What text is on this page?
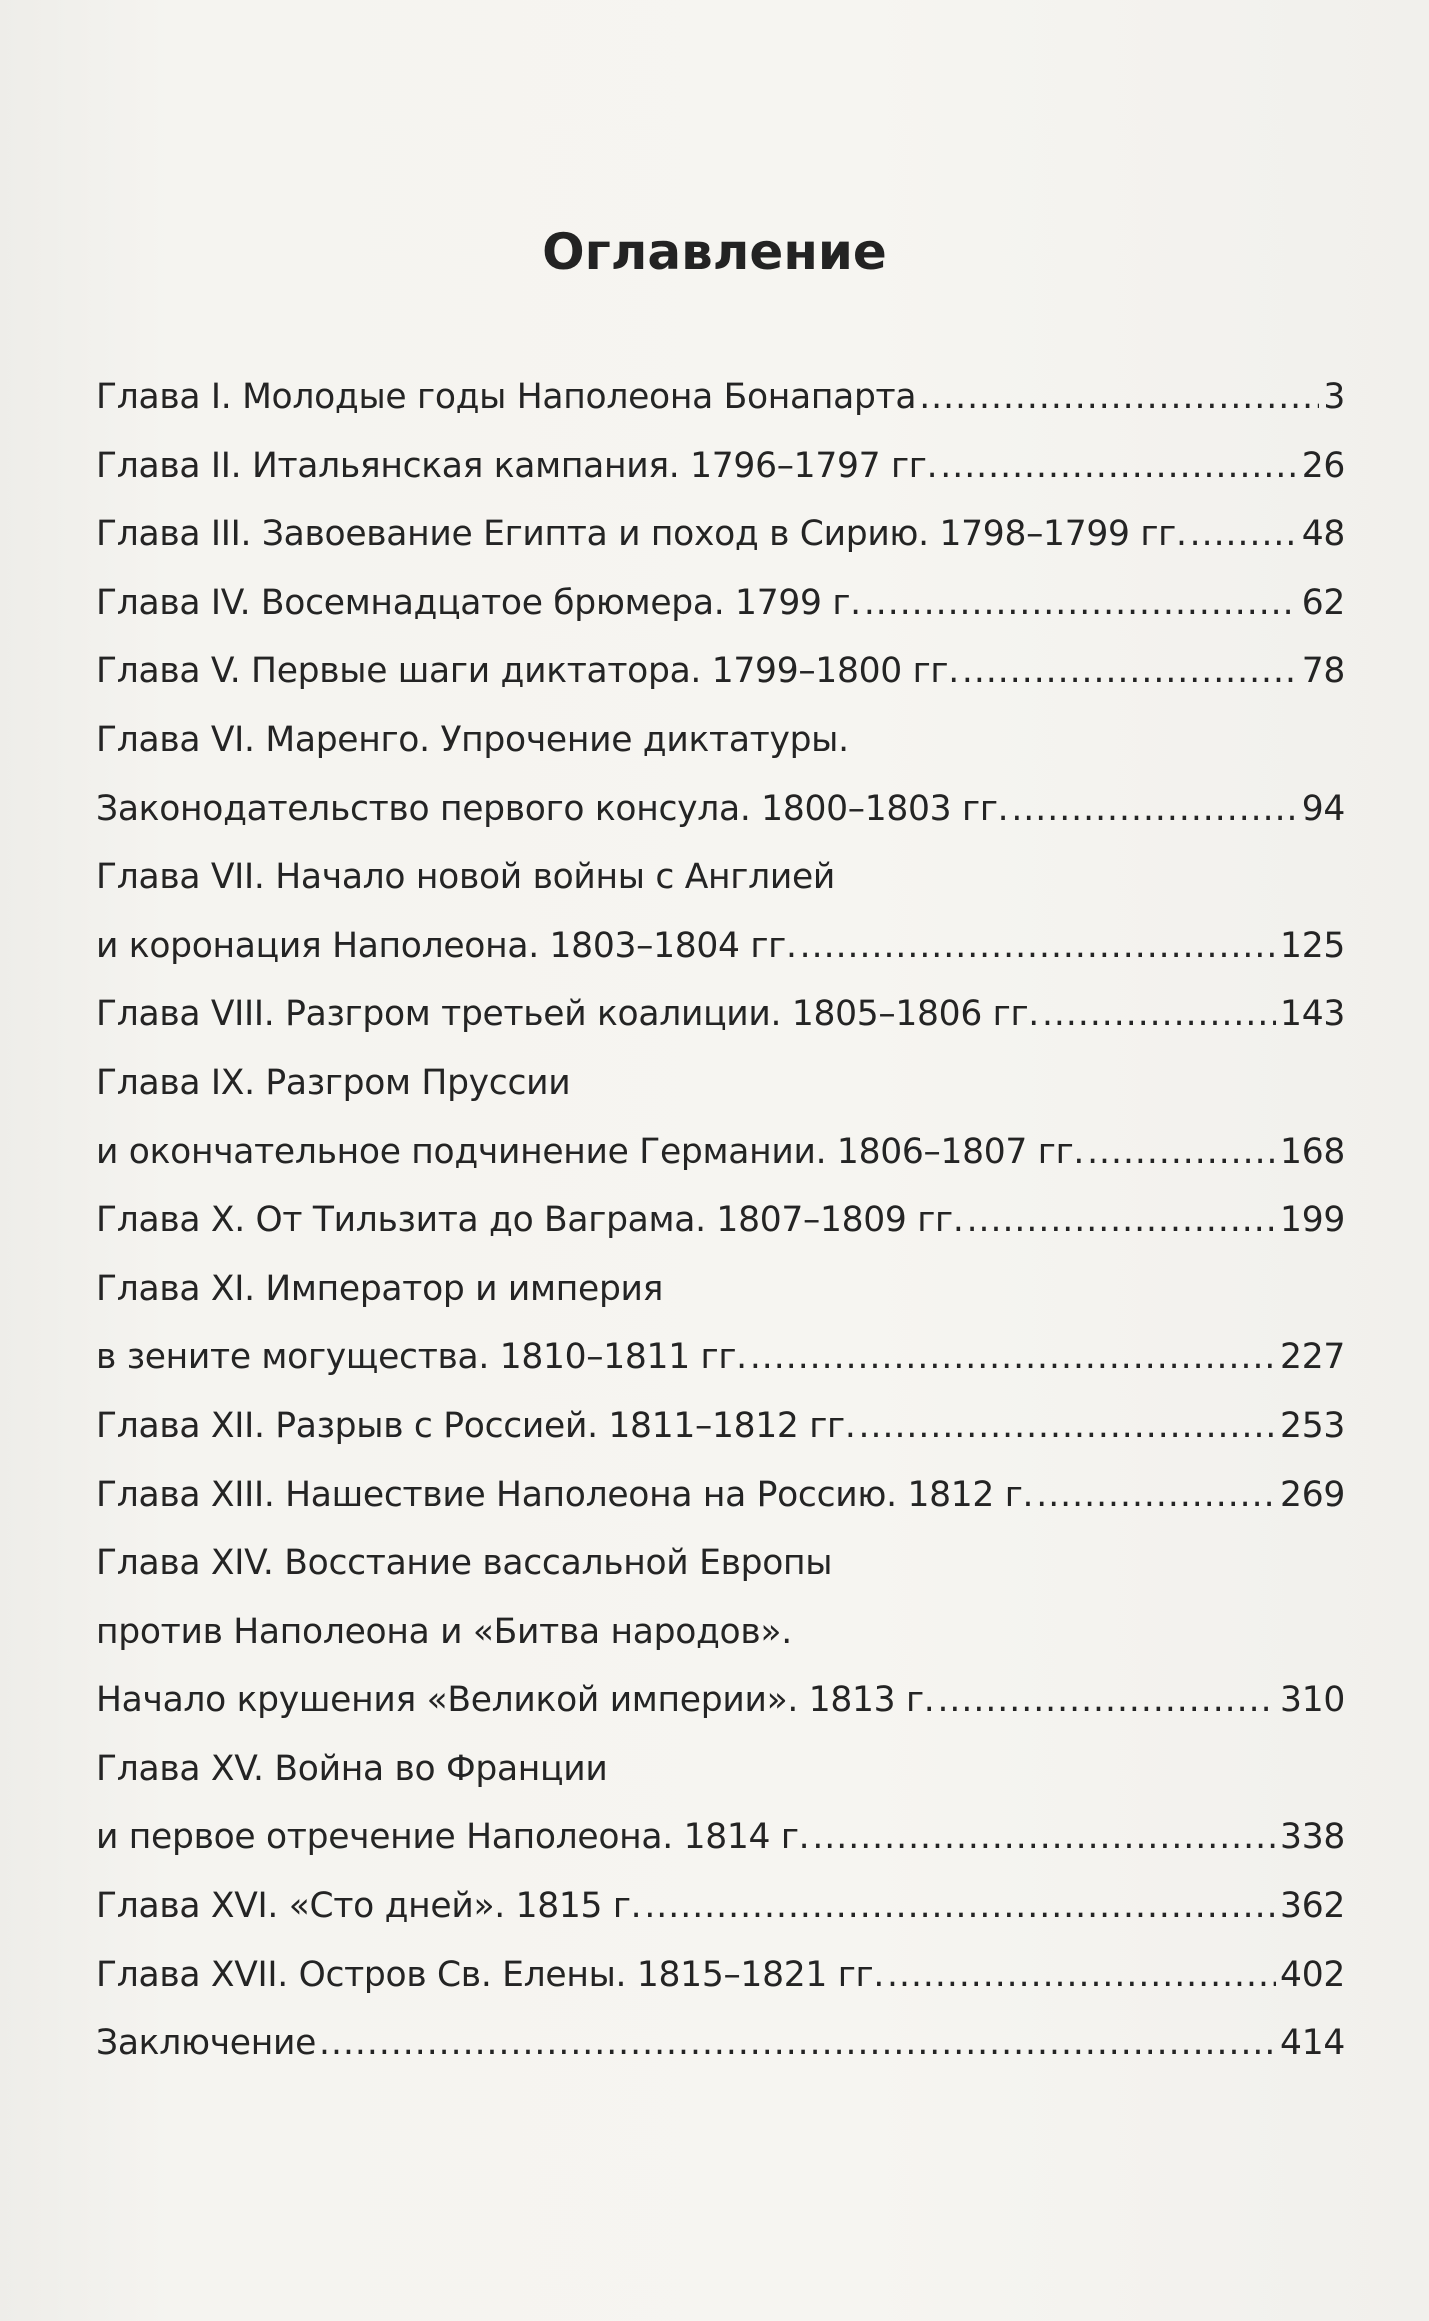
Оглавление
Глава I. Молодые годы Наполеона Бонапарта .....	3
Глава II. Итальянская кампания. 1796–1797 гг. .....	26
Глава III. Завоевание Египта и поход в Сирию. 1798–1799 гг. .....	48
Глава IV. Восемнадцатое брюмера. 1799 г. .....	62
Глава V. Первые шаги диктатора. 1799–1800 гг. .....	78
Глава VI. Маренго. Упрочение диктатуры.
Законодательство первого консула. 1800–1803 гг. .....	94
Глава VII. Начало новой войны с Англией
и коронация Наполеона. 1803–1804 гг. .....	125
Глава VIII. Разгром третьей коалиции. 1805–1806 гг. .....	143
Глава IX. Разгром Пруссии
и окончательное подчинение Германии. 1806–1807 гг. .....	168
Глава X. От Тильзита до Ваграма. 1807–1809 гг. .....	199
Глава XI. Император и империя
в зените могущества. 1810–1811 гг. .....	227
Глава XII. Разрыв с Россией. 1811–1812 гг. .....	253
Глава XIII. Нашествие Наполеона на Россию. 1812 г. .....	269
Глава XIV. Восстание вассальной Европы
против Наполеона и «Битва народов».
Начало крушения «Великой империи». 1813 г. .....	310
Глава XV. Война во Франции
и первое отречение Наполеона. 1814 г. .....	338
Глава XVI. «Сто дней». 1815 г. .....	362
Глава XVII. Остров Св. Елены. 1815–1821 гг. .....	402
Заключение .....	414
